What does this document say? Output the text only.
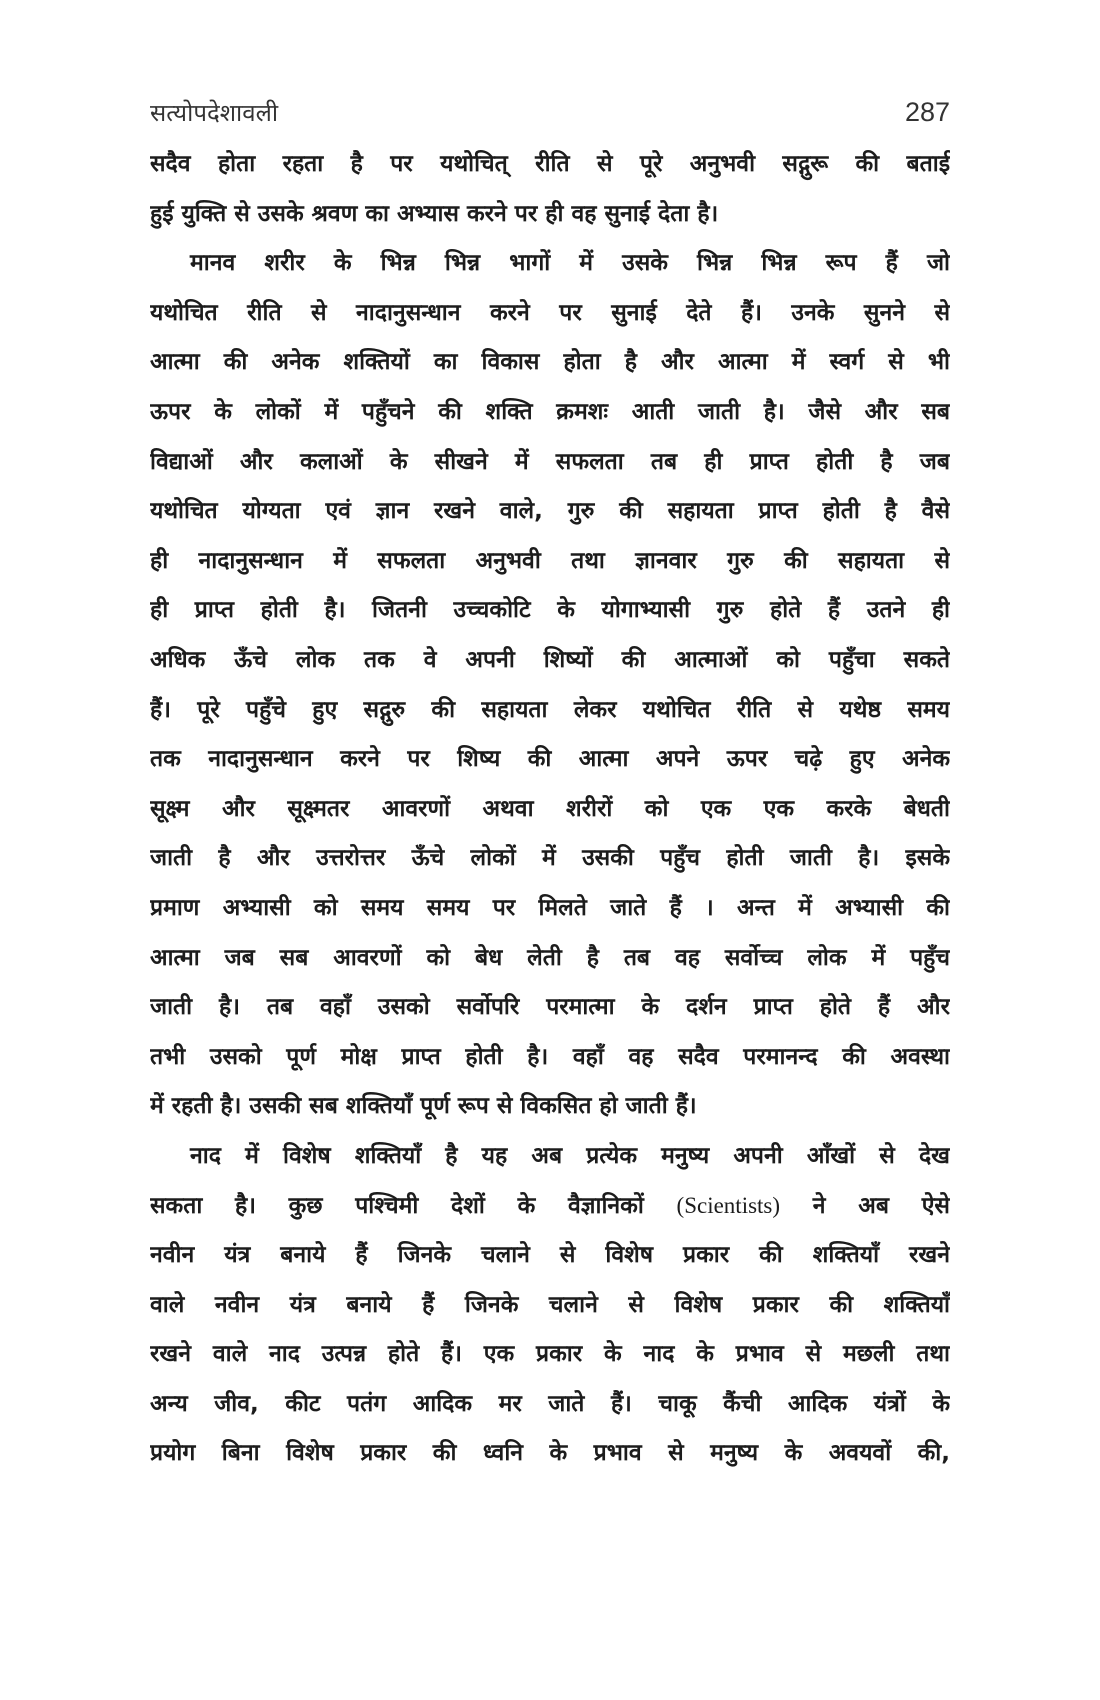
सत्योपदेशावली	287
सदैव होता रहता है पर यथोचित् रीति से पूरे अनुभवी सद्गुरू की बताई
हुई युक्ति से उसके श्रवण का अभ्यास करने पर ही वह सुनाई देता है।
मानव शरीर के भिन्न भिन्न भागों में उसके भिन्न भिन्न रूप हैं जो
यथोचित रीति से नादानुसन्धान करने पर सुनाई देते हैं। उनके सुनने से
आत्मा की अनेक शक्तियों का विकास होता है और आत्मा में स्वर्ग से भी
ऊपर के लोकों में पहुँचने की शक्ति क्रमशः आती जाती है। जैसे और सब
विद्याओं और कलाओं के सीखने में सफलता तब ही प्राप्त होती है जब
यथोचित योग्यता एवं ज्ञान रखने वाले, गुरु की सहायता प्राप्त होती है वैसे
ही नादानुसन्धान में सफलता अनुभवी तथा ज्ञानवार गुरु की सहायता से
ही प्राप्त होती है। जितनी उच्चकोटि के योगाभ्यासी गुरु होते हैं उतने ही
अधिक ऊँचे लोक तक वे अपनी शिष्यों की आत्माओं को पहुँचा सकते
हैं। पूरे पहुँचे हुए सद्गुरु की सहायता लेकर यथोचित रीति से यथेष्ठ समय
तक नादानुसन्धान करने पर शिष्य की आत्मा अपने ऊपर चढ़े हुए अनेक
सूक्ष्म और सूक्ष्मतर आवरणों अथवा शरीरों को एक एक करके बेधती
जाती है और उत्तरोत्तर ऊँचे लोकों में उसकी पहुँच होती जाती है। इसके
प्रमाण अभ्यासी को समय समय पर मिलते जाते हैं । अन्त में अभ्यासी की
आत्मा जब सब आवरणों को बेध लेती है तब वह सर्वोच्च लोक में पहुँच
जाती है। तब वहाँ उसको सर्वोपरि परमात्मा के दर्शन प्राप्त होते हैं और
तभी उसको पूर्ण मोक्ष प्राप्त होती है। वहाँ वह सदैव परमानन्द की अवस्था
में रहती है। उसकी सब शक्तियाँ पूर्ण रूप से विकसित हो जाती हैं।
नाद में विशेष शक्तियाँ है यह अब प्रत्येक मनुष्य अपनी आँखों से देख
सकता है। कुछ पश्चिमी देशों के वैज्ञानिकों (Scientists) ने अब ऐसे
नवीन यंत्र बनाये हैं जिनके चलाने से विशेष प्रकार की शक्तियाँ रखने
वाले नवीन यंत्र बनाये हैं जिनके चलाने से विशेष प्रकार की शक्तियाँ
रखने वाले नाद उत्पन्न होते हैं। एक प्रकार के नाद के प्रभाव से मछली तथा
अन्य जीव, कीट पतंग आदिक मर जाते हैं। चाकू कैंची आदिक यंत्रों के
प्रयोग बिना विशेष प्रकार की ध्वनि के प्रभाव से मनुष्य के अवयवों की,
